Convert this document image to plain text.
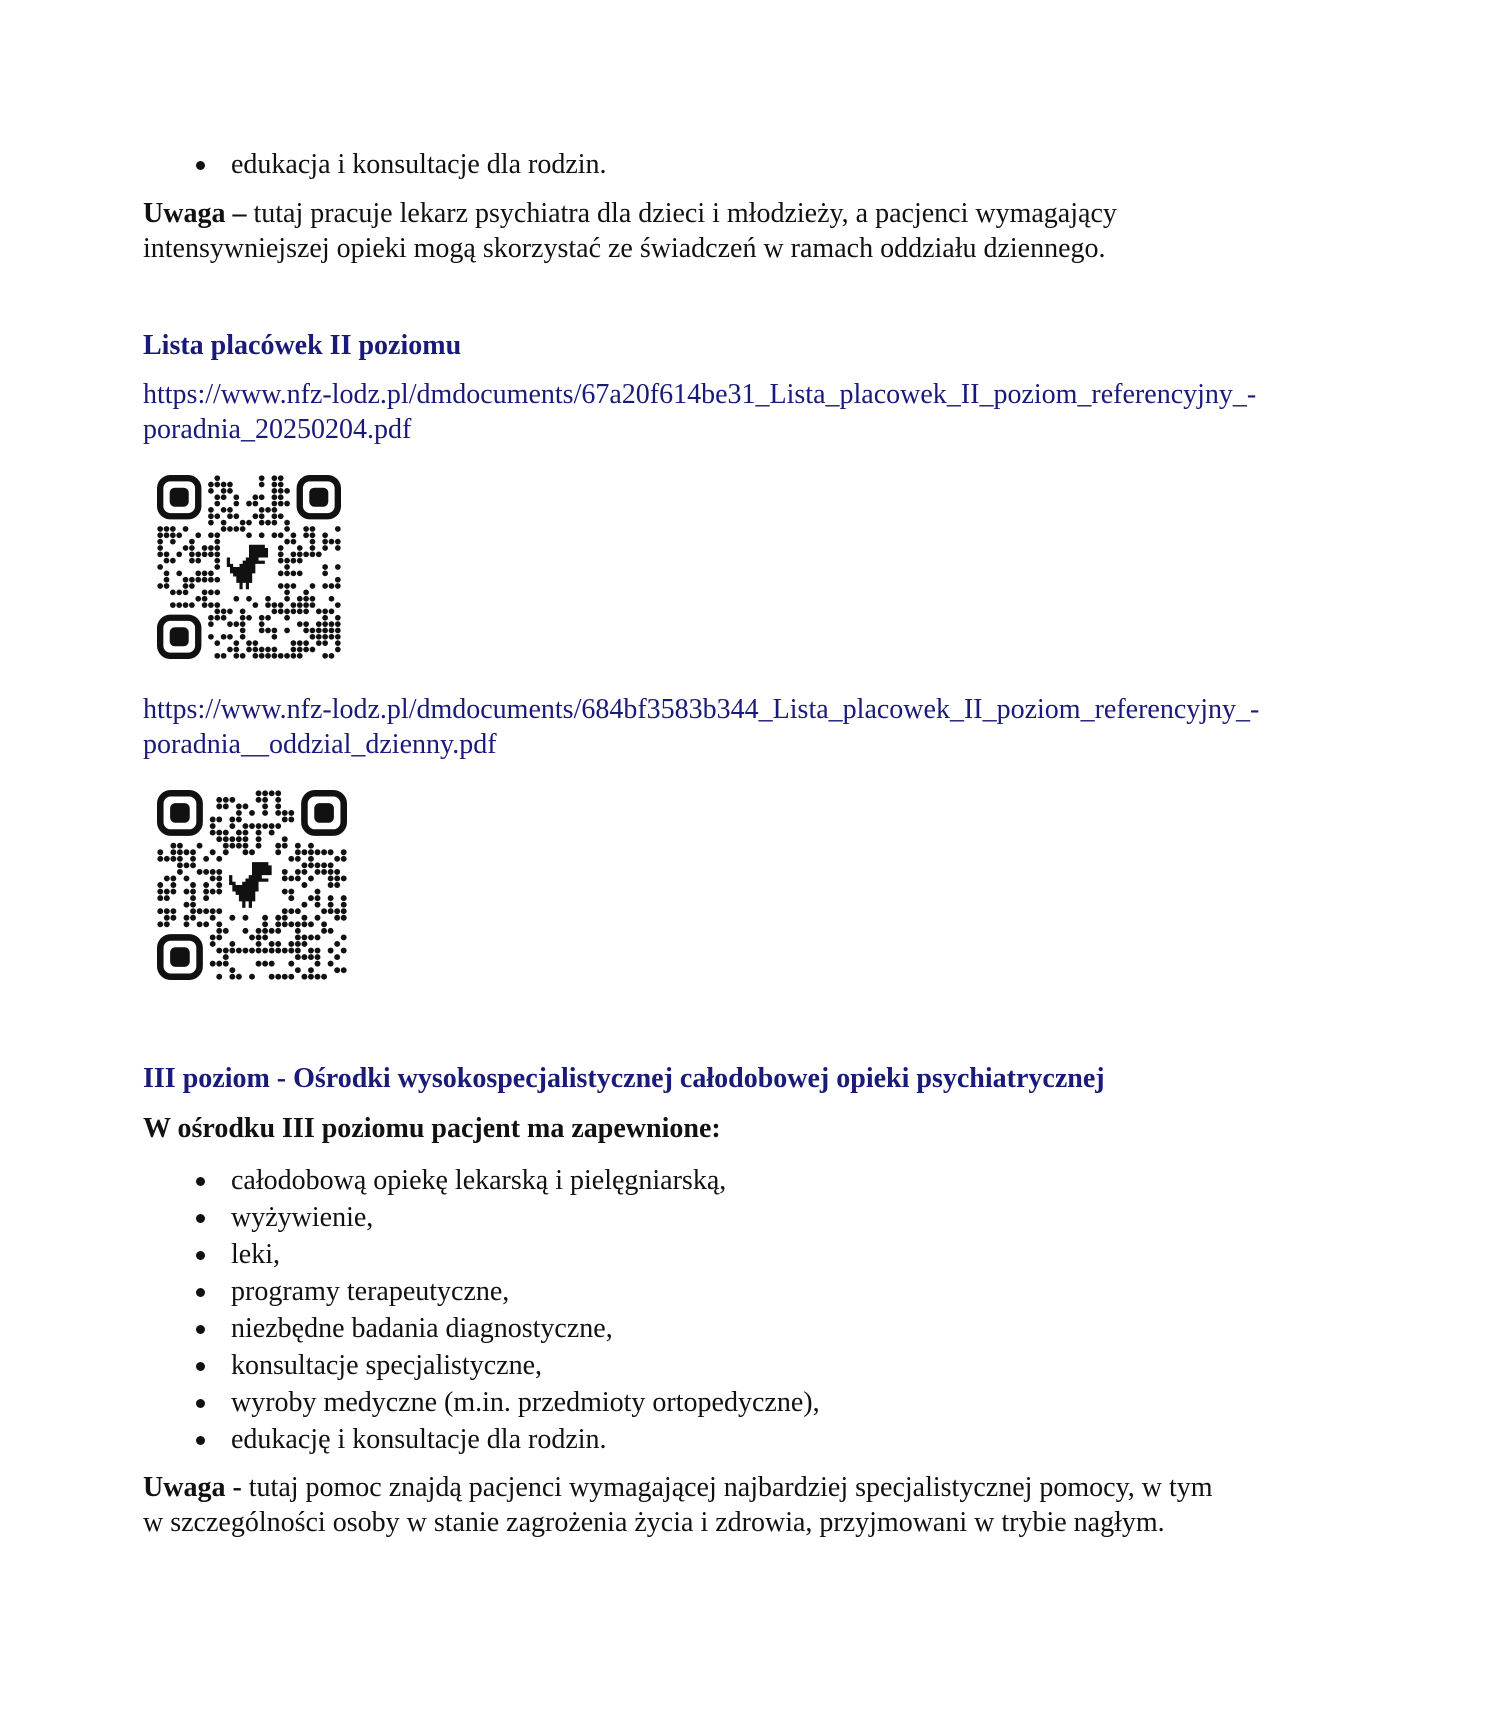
edukacja i konsultacje dla rodzin.
Uwaga – tutaj pracuje lekarz psychiatra dla dzieci i młodzieży, a pacjenci wymagający
intensywniejszej opieki mogą skorzystać ze świadczeń w ramach oddziału dziennego.
Lista placówek II poziomu
https://www.nfz-lodz.pl/dmdocuments/67a20f614be31_Lista_placowek_II_poziom_referencyjny_-
poradnia_20250204.pdf
https://www.nfz-lodz.pl/dmdocuments/684bf3583b344_Lista_placowek_II_poziom_referencyjny_-
poradnia__oddzial_dzienny.pdf
III poziom - Ośrodki wysokospecjalistycznej całodobowej opieki psychiatrycznej
W ośrodku III poziomu pacjent ma zapewnione:
całodobową opiekę lekarską i pielęgniarską,
wyżywienie,
leki,
programy terapeutyczne,
niezbędne badania diagnostyczne,
konsultacje specjalistyczne,
wyroby medyczne (m.in. przedmioty ortopedyczne),
edukację i konsultacje dla rodzin.
Uwaga - tutaj pomoc znajdą pacjenci wymagającej najbardziej specjalistycznej pomocy, w tym
w szczególności osoby w stanie zagrożenia życia i zdrowia, przyjmowani w trybie nagłym.
